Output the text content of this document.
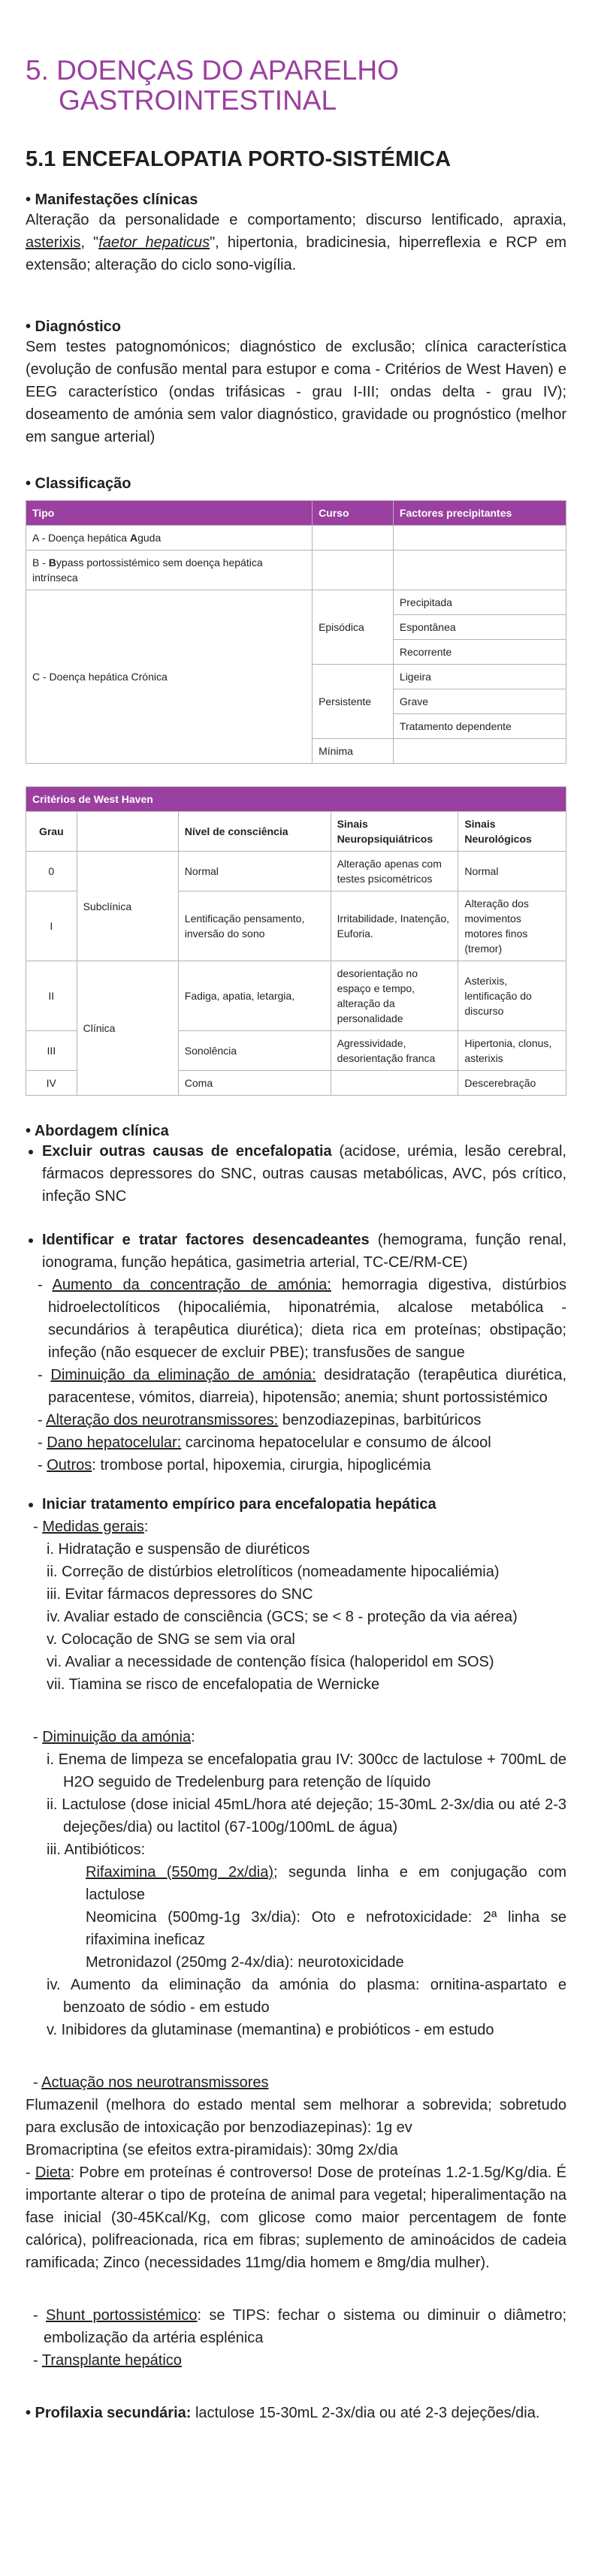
5. DOENÇAS DO APARELHO GASTROINTESTINAL
5.1 ENCEFALOPATIA PORTO-SISTÉMICA
• Manifestações clínicas
Alteração da personalidade e comportamento; discurso lentificado, apraxia, asterixis, "faetor hepaticus", hipertonia, bradicinesia, hiperreflexia e RCP em extensão; alteração do ciclo sono-vigília.
• Diagnóstico
Sem testes patognomónicos; diagnóstico de exclusão; clínica característica (evolução de confusão mental para estupor e coma - Critérios de West Haven) e EEG característico (ondas trifásicas - grau I-III; ondas delta - grau IV); doseamento de amónia sem valor diagnóstico, gravidade ou prognóstico (melhor em sangue arterial)
• Classificação
Tipo	Curso	Factores precipitantes
A - Doença hepática Aguda		
B - Bypass portossistémico sem doença hepática intrínseca		
C - Doença hepática Crónica	Episódica	Precipitada
		Espontânea
		Recorrente
	Persistente	Ligeira
		Grave
		Tratamento dependente
	Mínima	
Critérios de West Haven				
Grau		Nível de consciência	Sinais Neuropsiquiátricos	Sinais Neurológicos
0	Subclínica	Normal	Alteração apenas com testes psicométricos	Normal
I		Lentificação pensamento, inversão do sono	Irritabilidade, Inatenção, Euforia.	Alteração dos movimentos motores finos (tremor)
II	Clínica	Fadiga, apatia, letargia,	desorientação no espaço e tempo, alteração da personalidade	Asterixis, lentificação do discurso
III		Sonolência	Agressividade, desorientação franca	Hipertonia, clonus, asterixis
IV		Coma		Descerebração
• Abordagem clínica
• Excluir outras causas de encefalopatia (acidose, urémia, lesão cerebral, fármacos depressores do SNC, outras causas metabólicas, AVC, pós crítico, infeção SNC
• Identificar e tratar factores desencadeantes (hemograma, função renal, ionograma, função hepática, gasimetria arterial, TC-CE/RM-CE)
- Aumento da concentração de amónia: hemorragia digestiva, distúrbios hidroelectolíticos (hipocaliémia, hiponatrémia, alcalose metabólica - secundários à terapêutica diurética); dieta rica em proteínas; obstipação; infeção (não esquecer de excluir PBE); transfusões de sangue
- Diminuição da eliminação de amónia: desidratação (terapêutica diurética, paracentese, vómitos, diarreia), hipotensão; anemia; shunt portossistémico
- Alteração dos neurotransmissores: benzodiazepinas, barbitúricos
- Dano hepatocelular: carcinoma hepatocelular e consumo de álcool
- Outros: trombose portal, hipoxemia, cirurgia, hipoglicémia
• Iniciar tratamento empírico para encefalopatia hepática
- Medidas gerais:
i. Hidratação e suspensão de diuréticos
ii. Correção de distúrbios eletrolíticos (nomeadamente hipocaliémia)
iii. Evitar fármacos depressores do SNC
iv. Avaliar estado de consciência (GCS; se < 8 - proteção da via aérea)
v. Colocação de SNG se sem via oral
vi. Avaliar a necessidade de contenção física (haloperidol em SOS)
vii. Tiamina se risco de encefalopatia de Wernicke
- Diminuição da amónia:
i. Enema de limpeza se encefalopatia grau IV: 300cc de lactulose + 700mL de H2O seguido de Tredelenburg para retenção de líquido
ii. Lactulose (dose inicial 45mL/hora até dejeção; 15-30mL 2-3x/dia ou até 2-3 dejeções/dia) ou lactitol (67-100g/100mL de água)
iii. Antibióticos:
Rifaximina (550mg 2x/dia); segunda linha e em conjugação com lactulose
Neomicina (500mg-1g 3x/dia): Oto e nefrotoxicidade: 2ª linha se rifaximina ineficaz
Metronidazol (250mg 2-4x/dia): neurotoxicidade
iv. Aumento da eliminação da amónia do plasma: ornitina-aspartato e benzoato de sódio - em estudo
v. Inibidores da glutaminase (memantina) e probióticos - em estudo
- Actuação nos neurotransmissores
Flumazenil (melhora do estado mental sem melhorar a sobrevida; sobretudo para exclusão de intoxicação por benzodiazepinas): 1g ev
Bromacriptina (se efeitos extra-piramidais): 30mg 2x/dia
- Dieta: Pobre em proteínas é controverso! Dose de proteínas 1.2-1.5g/Kg/dia. É importante alterar o tipo de proteína de animal para vegetal; hiperalimentação na fase inicial (30-45Kcal/Kg, com glicose como maior percentagem de fonte calórica), polifreacionada, rica em fibras; suplemento de aminoácidos de cadeia ramificada; Zinco (necessidades 11mg/dia homem e 8mg/dia mulher).
- Shunt portossistémico: se TIPS: fechar o sistema ou diminuir o diâmetro; embolização da artéria esplénica
- Transplante hepático
• Profilaxia secundária: lactulose 15-30mL 2-3x/dia ou até 2-3 dejeções/dia.
